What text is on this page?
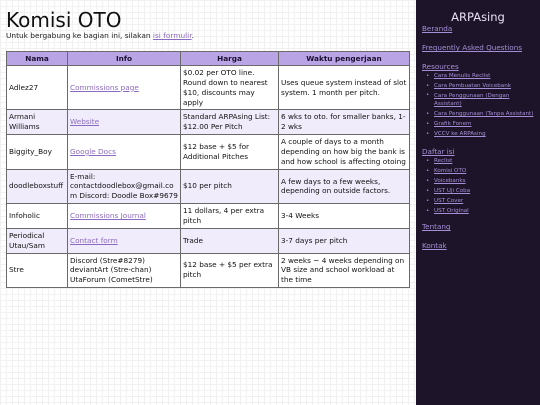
Komisi OTO
Untuk bergabung ke bagian ini, silakan isi formulir.
Nama	Info	Harga	Waktu pengerjaan
Adlez27	Commissions page	$0.02 per OTO line. Round down to nearest $10, discounts may apply	Uses queue system instead of slot system. 1 month per pitch.
Armani Williams	Website	Standard ARPAsing List: $12.00 Per Pitch	6 wks to oto. for smaller banks, 1-2 wks
Biggity_Boy	Google Docs	$12 base + $5 for Additional Pitches	A couple of days to a month depending on how big the bank is and how school is affecting otoing
doodleboxstuff	E-mail: contactdoodlebox@gmail.com Discord: Doodle Box#9679	$10 per pitch	A few days to a few weeks, depending on outside factors.
Infoholic	Commissions Journal	11 dollars, 4 per extra pitch	3-4 Weeks
Periodical Utau/Sam	Contact form	Trade	3-7 days per pitch
Stre	Discord (Stre#8279) deviantArt (Stre-chan) UtaForum (CometStre)	$12 base + $5 per extra pitch	2 weeks ~ 4 weeks depending on VB size and school workload at the time
ARPAsing
Beranda
Frequently Asked Questions
Resources
• Cara Menulis Reclist
• Cara Pembuatan Voicebank
• Cara Penggunaan (Dengan Assistant)
• Cara Penggunaan (Tanpa Assistant)
• Grafik Fonem
• VCCV ke ARPAsing
Daftar isi
• Reclist
• Komisi OTO
• Voicebanks
• UST Uji Coba
• UST Cover
• UST Original
Tentang
Kontak
